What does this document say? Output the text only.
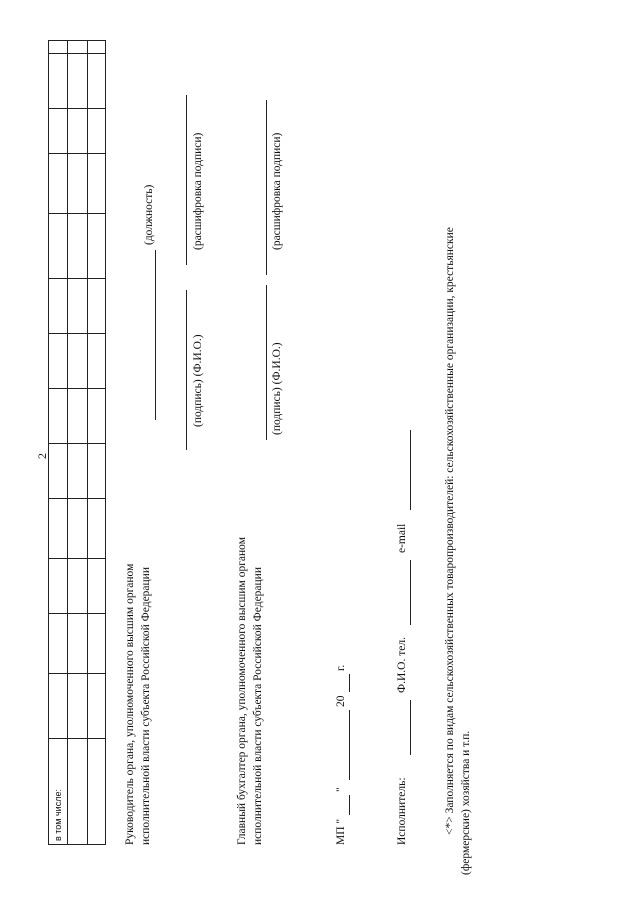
2
в том числе:	Руководитель органа, уполномоченного высшим органом исполнительной власти субъекта Российской Федерации
(должность)
(подпись) (Ф.И.О.)
(расшифровка подписи)
Главный бухгалтер органа, уполномоченного высшим органом исполнительной власти субъекта Российской Федерации
(подпись) (Ф.И.О.)
(расшифровка подписи)
МП "
"
20
г.
Исполнитель:
Ф.И.О. тел.
e-mail	<*> Заполняется по видам сельскохозяйственных товаропроизводителей: сельскохозяйственные организации, крестьянские (фермерские) хозяйства и т.п.
